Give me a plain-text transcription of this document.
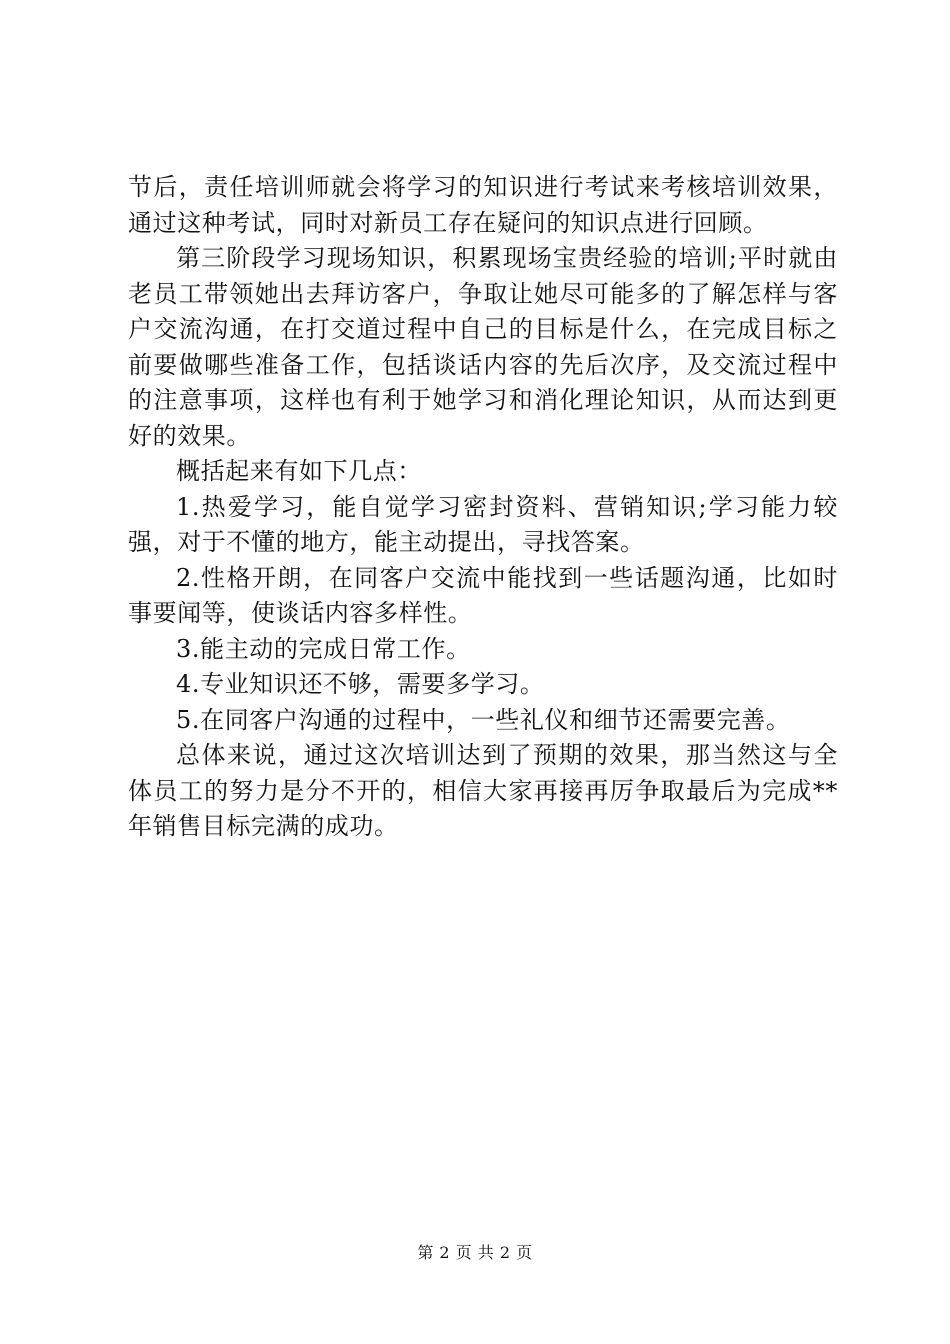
节后，责任培训师就会将学习的知识进行考试来考核培训效果，通过这种考试，同时对新员工存在疑问的知识点进行回顾。

第三阶段学习现场知识，积累现场宝贵经验的培训;平时就由老员工带领她出去拜访客户，争取让她尽可能多的了解怎样与客户交流沟通，在打交道过程中自己的目标是什么，在完成目标之前要做哪些准备工作，包括谈话内容的先后次序，及交流过程中的注意事项，这样也有利于她学习和消化理论知识，从而达到更好的效果。

概括起来有如下几点：

1.热爱学习，能自觉学习密封资料、营销知识;学习能力较强，对于不懂的地方，能主动提出，寻找答案。

2.性格开朗，在同客户交流中能找到一些话题沟通，比如时事要闻等，使谈话内容多样性。

3.能主动的完成日常工作。

4.专业知识还不够，需要多学习。

5.在同客户沟通的过程中，一些礼仪和细节还需要完善。

总体来说，通过这次培训达到了预期的效果，那当然这与全体员工的努力是分不开的，相信大家再接再厉争取最后为完成**年销售目标完满的成功。

第 2 页 共 2 页
